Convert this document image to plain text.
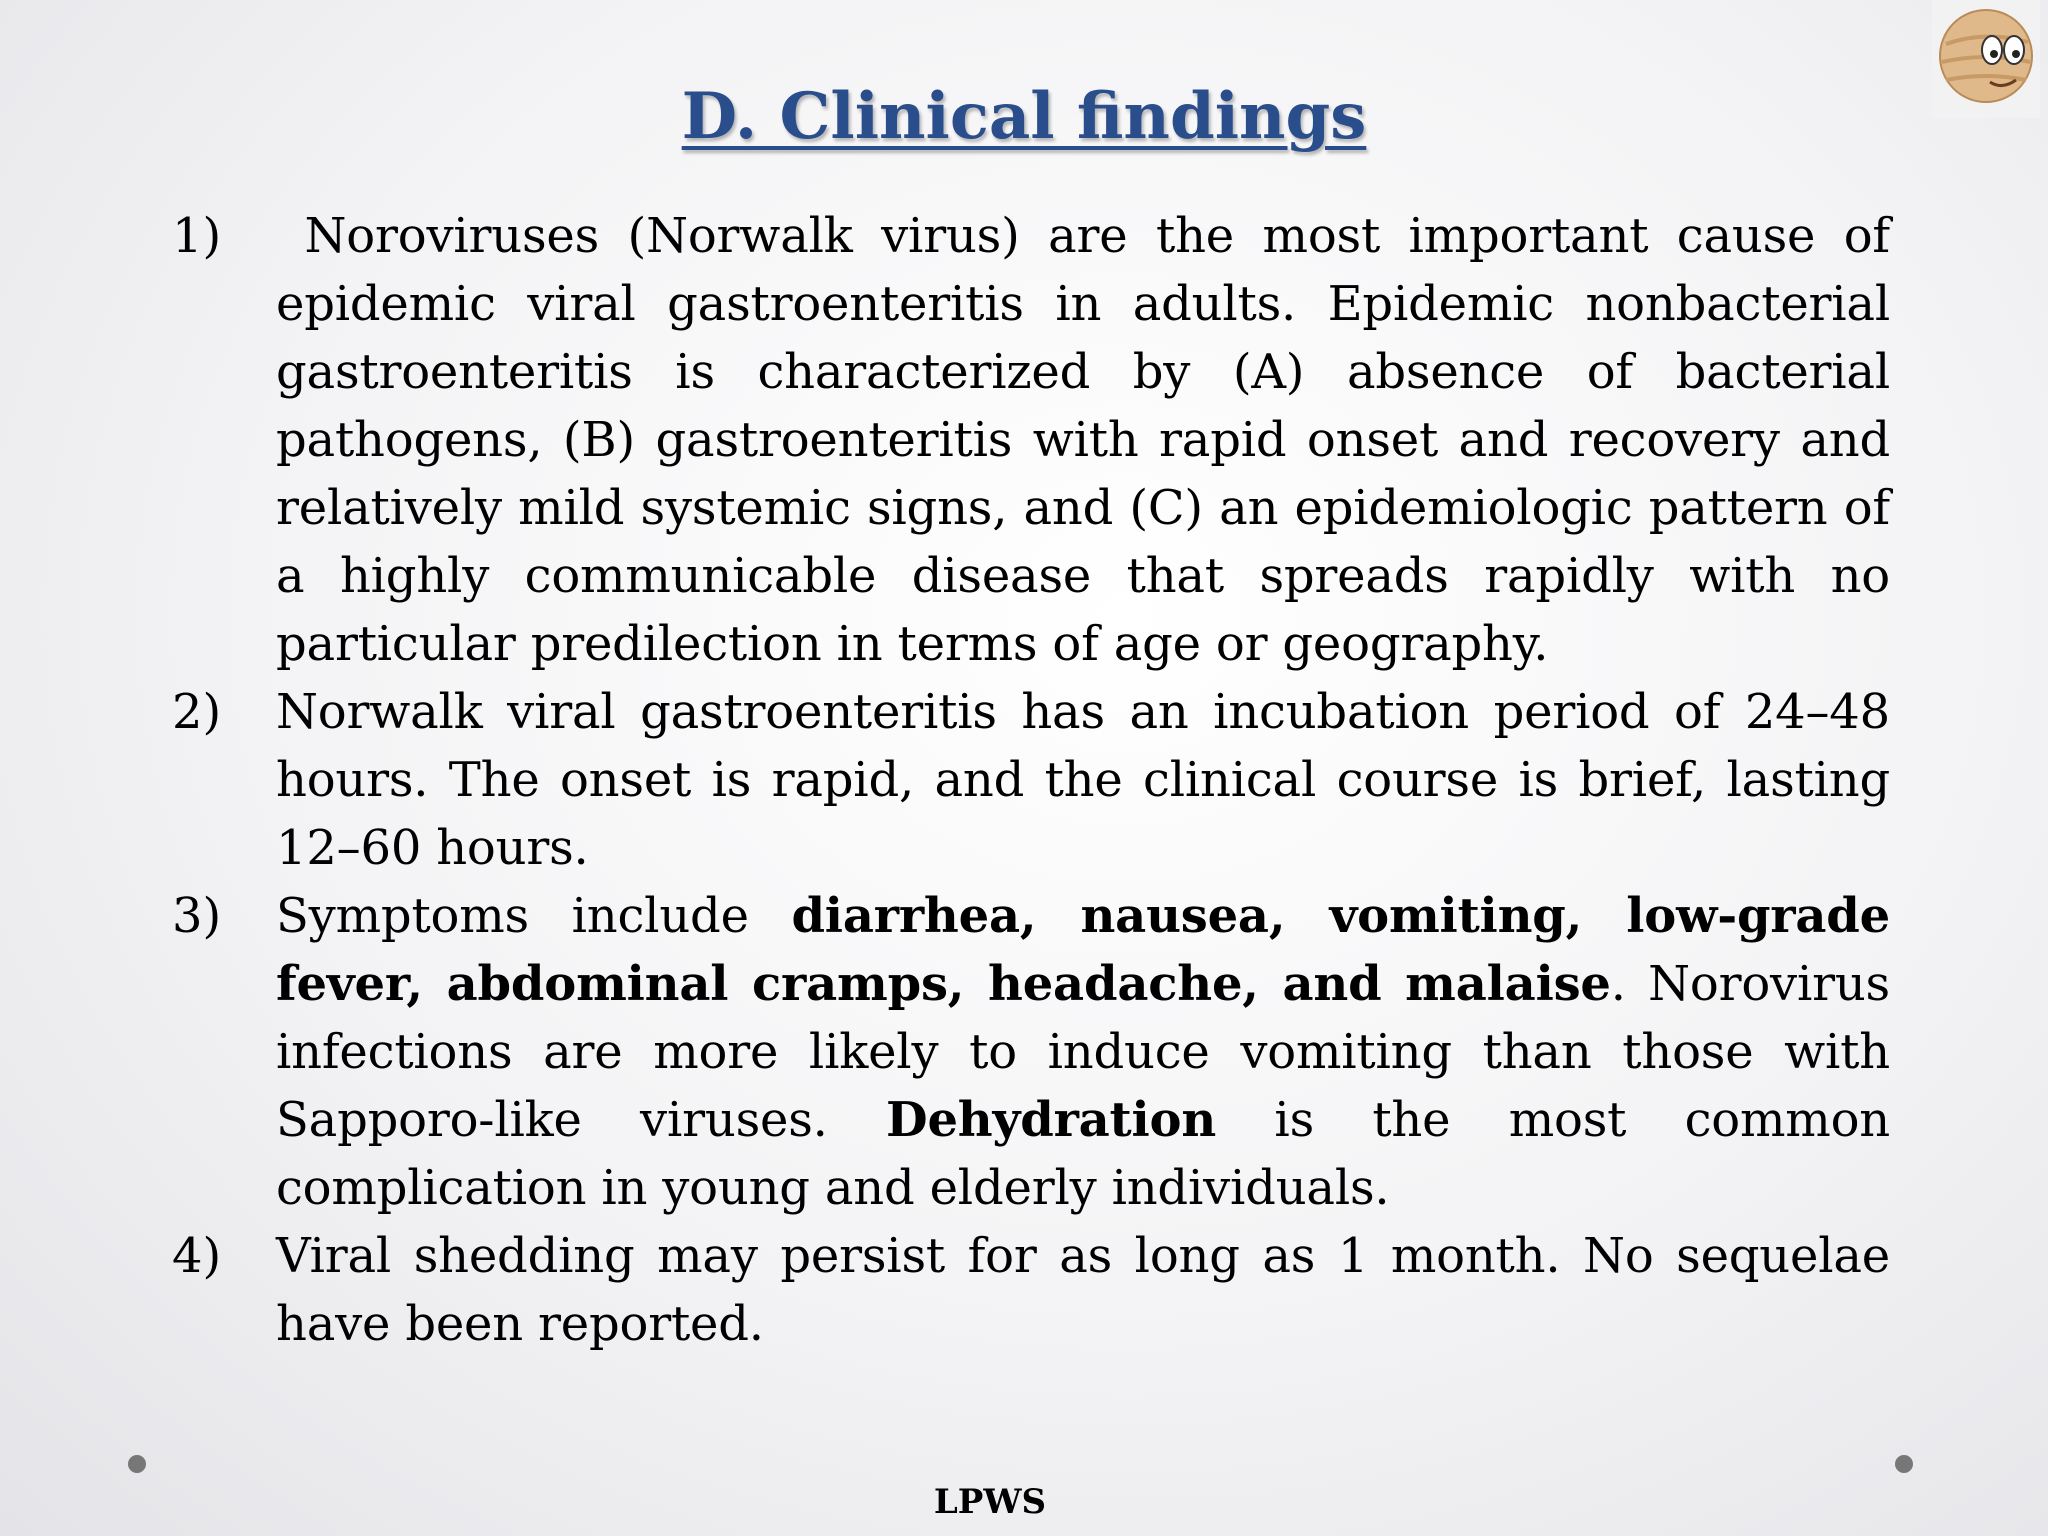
D. Clinical findings
1)	Noroviruses (Norwalk virus) are the most important cause of epidemic viral gastroenteritis in adults. Epidemic nonbacterial gastroenteritis is characterized by (A) absence of bacterial pathogens, (B) gastroenteritis with rapid onset and recovery and relatively mild systemic signs, and (C) an epidemiologic pattern of a highly communicable disease that spreads rapidly with no particular predilection in terms of age or geography.
2)	Norwalk viral gastroenteritis has an incubation period of 24–48 hours. The onset is rapid, and the clinical course is brief, lasting 12–60 hours.
3)	Symptoms include diarrhea, nausea, vomiting, low-grade fever, abdominal cramps, headache, and malaise. Norovirus infections are more likely to induce vomiting than those with Sapporo-like viruses. Dehydration is the most common complication in young and elderly individuals.
4)	Viral shedding may persist for as long as 1 month. No sequelae have been reported.

LPWS
